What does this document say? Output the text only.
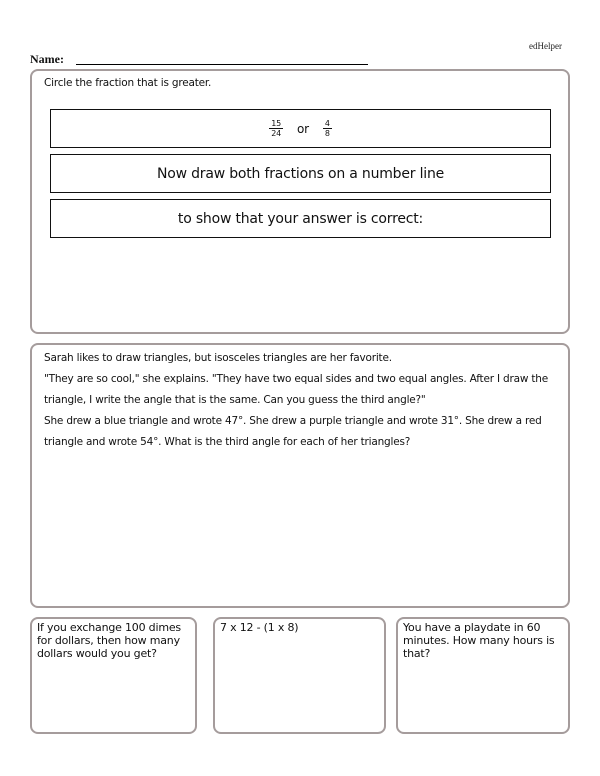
edHelper
Name:
Circle the fraction that is greater.
$\frac{15}{24}$ or $\frac{4}{8}$
Now draw both fractions on a number line
to show that your answer is correct:

Sarah likes to draw triangles, but isosceles triangles are her favorite.

"They are so cool," she explains. "They have two equal sides and two equal angles. After I draw the triangle, I write the angle that is the same. Can you guess the third angle?"

She drew a blue triangle and wrote 47°. She drew a purple triangle and wrote 31°. She drew a red triangle and wrote 54°. What is the third angle for each of her triangles?

If you exchange 100 dimes for dollars, then how many dollars would you get?
7 x 12 - (1 x 8)	You have a playdate in 60 minutes. How many hours is that?
